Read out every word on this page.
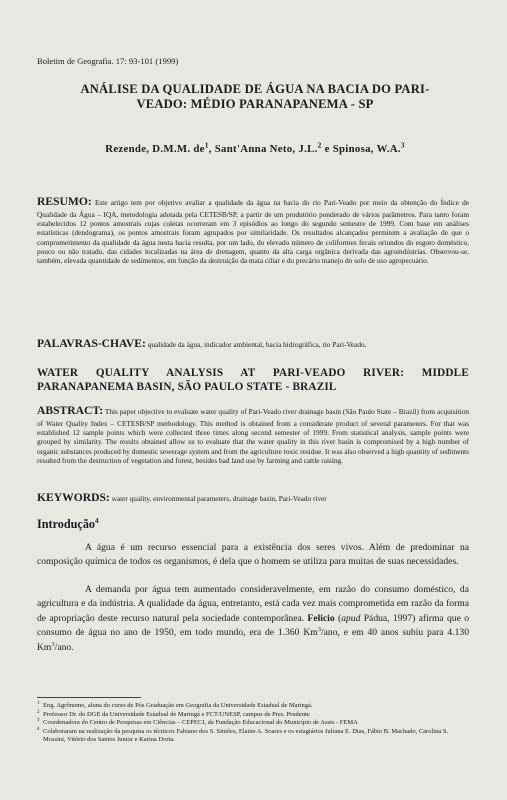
Boletim de Geografia. 17: 93-101 (1999)
ANÁLISE DA QUALIDADE DE ÁGUA NA BACIA DO PARI-
VEADO: MÉDIO PARANAPANEMA - SP
Rezende, D.M.M. $de^1$, Sant'Anna Neto, J.L.$^2$ e Spinosa, W.A.$^3$
RESUMO: Este artigo tem por objetivo avaliar a qualidade da água na bacia do rio Pari-Veado por meio da obtenção do Índice de Qualidade da Água – IQA, metodologia adotada pela CETESB/SP, a partir de um produtório ponderado de vários parâmetros. Para tanto foram estabelecidos 12 pontos amostrais cujas coletas ocorreram em 3 episódios ao longo do segundo semestre de 1999. Com base em análises estatísticas (dendograma), os pontos amostrais foram agrupados por similaridade. Os resultados alcançados permitem a avaliação de que o comprometimento da qualidade da água nesta bacia resulta, por um lado, do elevado número de coliformes fecais oriundos do esgoto doméstico, pouco ou não tratado, das cidades localizadas na área de drenagem, quanto da alta carga orgânica derivada das agroindústrias. Observou-se, também, elevada quantidade de sedimentos, em função da destruição da mata ciliar e do precário manejo do solo de uso agropecuário.
PALAVRAS-CHAVE: qualidade da água, indicador ambiental, bacia hidrográfica, rio Pari-Veado.
WATER QUALITY ANALYSIS AT PARI-VEADO RIVER: MIDDLE PARANAPANEMA BASIN, SÃO PAULO STATE - BRAZIL
ABSTRACT: This paper objective to evaluate water quality of Pari-Veado river drainage basin (São Paulo State – Brazil) from acquisition of Water Quality Index – CETESB/SP methodology. This method is obtained from a considerate product of several parameters. For that was established 12 sample points which were collected three times along second semester of 1999. From statistical analysis, sample points were grouped by similarity. The results obtained allow us to evaluate that the water quality in this river basin is compromised by a high number of organic substances produced by domestic sewerage system and from the agriculture toxic residue. It was also observed a high quantity of sediments resulted from the destruction of vegetation and forest, besides bad land use by farming and cattle raising.
KEYWORDS: water quality, environmental parameters, drainage basin, Pari-Veado river
Introdução$^4$

A água é um recurso essencial para a existência dos seres vivos. Além de predominar na composição química de todos os organismos, é dela que o homem se utiliza para muitas de suas necessidades.

A demanda por água tem aumentado consideravelmente, em razão do consumo doméstico, da agricultura e da indústria. A qualidade da água, entretanto, está cada vez mais comprometida em razão da forma de apropriação deste recurso natural pela sociedade contemporânea. Felicio (apud Pádua, 1997) afirma que o consumo de água no ano de 1950, em todo mundo, era de 1.360 Km$^3$/ano, e em 40 anos subiu para 4.130 Km$^3$/ano.

1 Eng. Agrônomo, aluna do curso de Pós Graduação em Geografia da Universidade Estadual de Maringá.
2 Professor Dr. do DGE da Universidade Estadual de Maringá e FCT/UNESP, campus de Pres. Prudente
3 Coordenadora do Centro de Pesquisas em Ciências – CEPECI, da Fundação Educacional do Município de Assis - FEMA
4 Colaboraram na realização da pesquisa os técnicos Fabiano dos S. Simões, Elaine A. Soares e os estagiários Juliana E. Dias, Fábio B. Machado, Carolina S. Mossini, Vitório dos Santos Junior e Karina Dorta.
